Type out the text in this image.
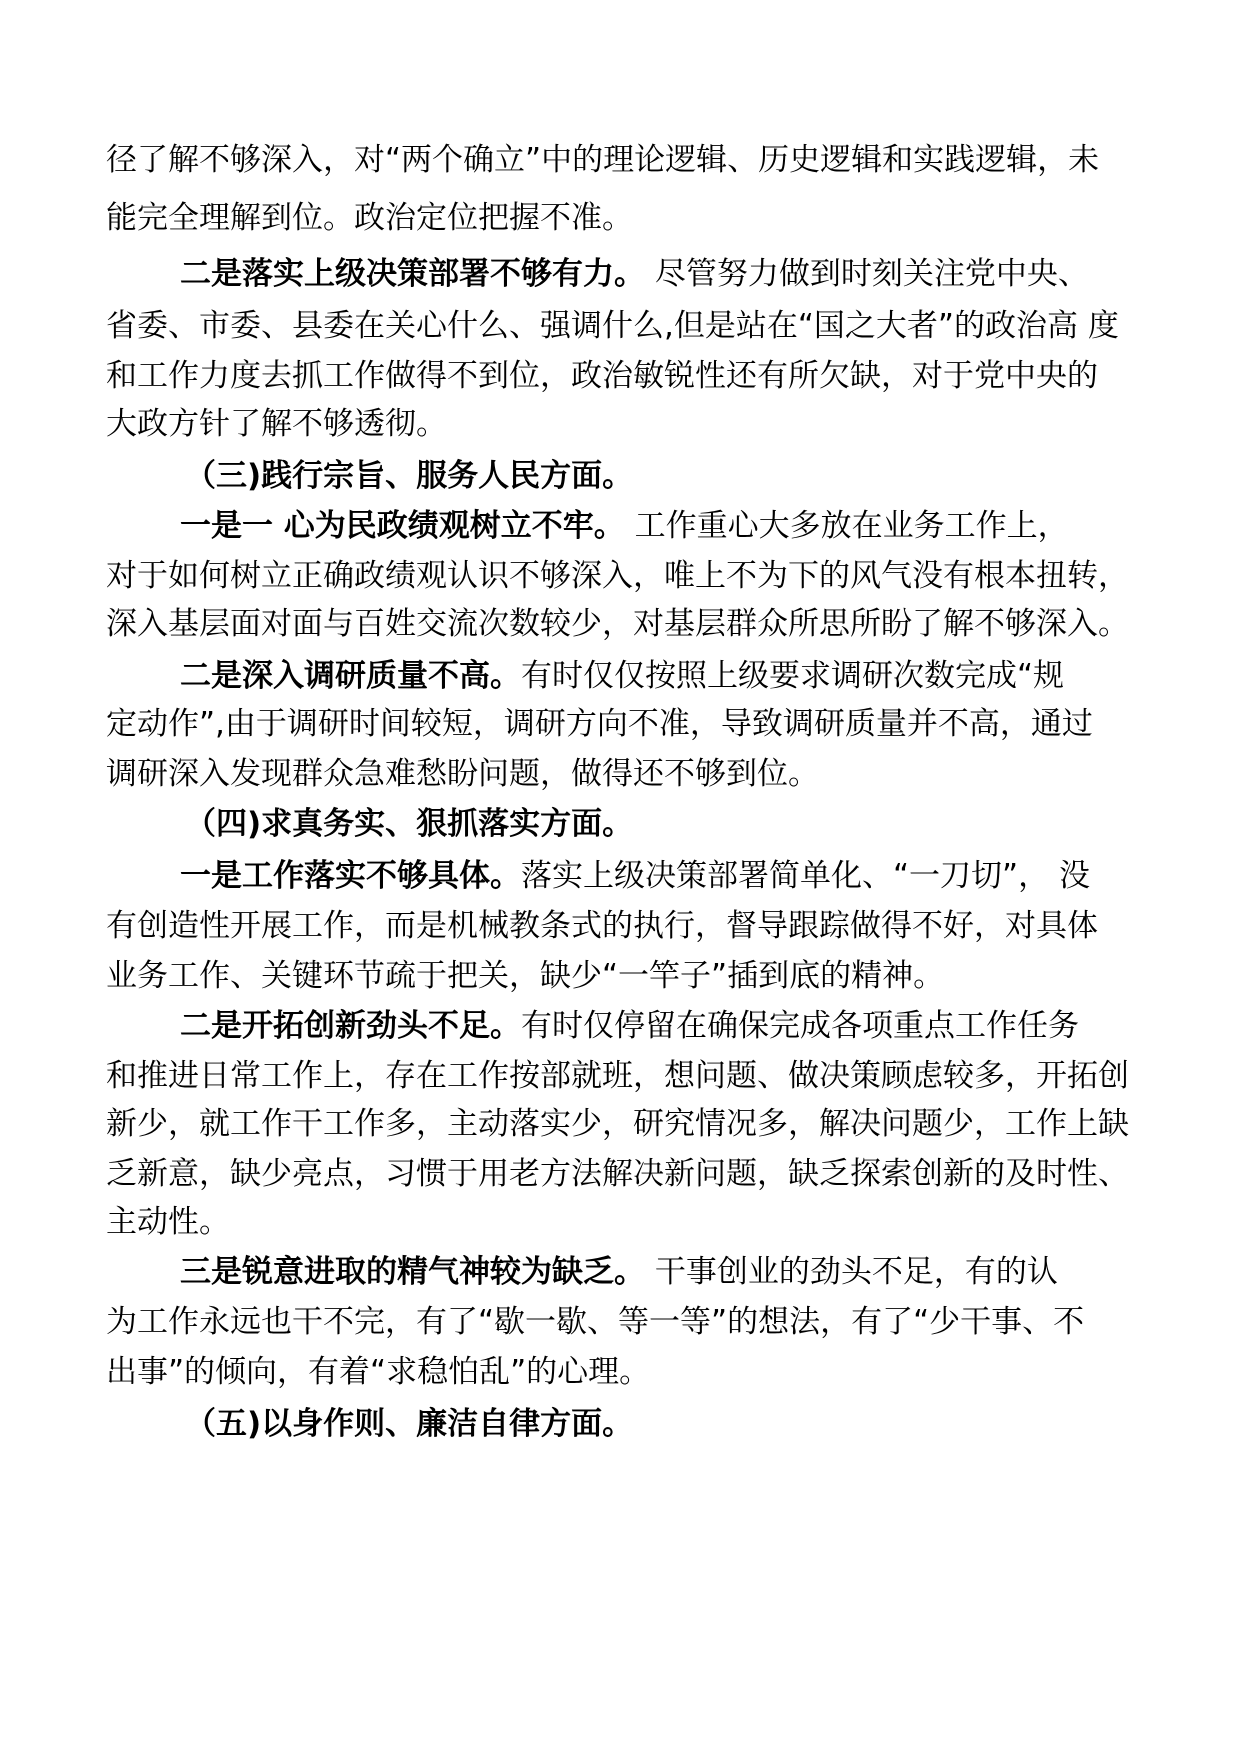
径了解不够深入，对“两个确立”中的理论逻辑、历史逻辑和实践逻辑，未
能完全理解到位。政治定位把握不准。
二是落实上级决策部署不够有力。 尽管努力做到时刻关注党中央、
省委、市委、县委在关心什么、强调什么,但是站在“国之大者”的政治高 度
和工作力度去抓工作做得不到位，政治敏锐性还有所欠缺，对于党中央的
大政方针了解不够透彻。
（三)践行宗旨、服务人民方面。
一是一 心为民政绩观树立不牢。 工作重心大多放在业务工作上，
对于如何树立正确政绩观认识不够深入，唯上不为下的风气没有根本扭转，
深入基层面对面与百姓交流次数较少，对基层群众所思所盼了解不够深入。
二是深入调研质量不高。有时仅仅按照上级要求调研次数完成“规
定动作”,由于调研时间较短，调研方向不准，导致调研质量并不高，通过
调研深入发现群众急难愁盼问题，做得还不够到位。
（四)求真务实、狠抓落实方面。
一是工作落实不够具体。落实上级决策部署简单化、“一刀切”， 没
有创造性开展工作，而是机械教条式的执行，督导跟踪做得不好，对具体
业务工作、关键环节疏于把关，缺少“一竿子”插到底的精神。
二是开拓创新劲头不足。有时仅停留在确保完成各项重点工作任务
和推进日常工作上，存在工作按部就班，想问题、做决策顾虑较多，开拓创
新少，就工作干工作多，主动落实少，研究情况多，解决问题少，工作上缺
乏新意，缺少亮点，习惯于用老方法解决新问题，缺乏探索创新的及时性、
主动性。
三是锐意进取的精气神较为缺乏。 干事创业的劲头不足，有的认
为工作永远也干不完，有了“歇一歇、等一等”的想法，有了“少干事、不
出事”的倾向，有着“求稳怕乱”的心理。
（五)以身作则、廉洁自律方面。
